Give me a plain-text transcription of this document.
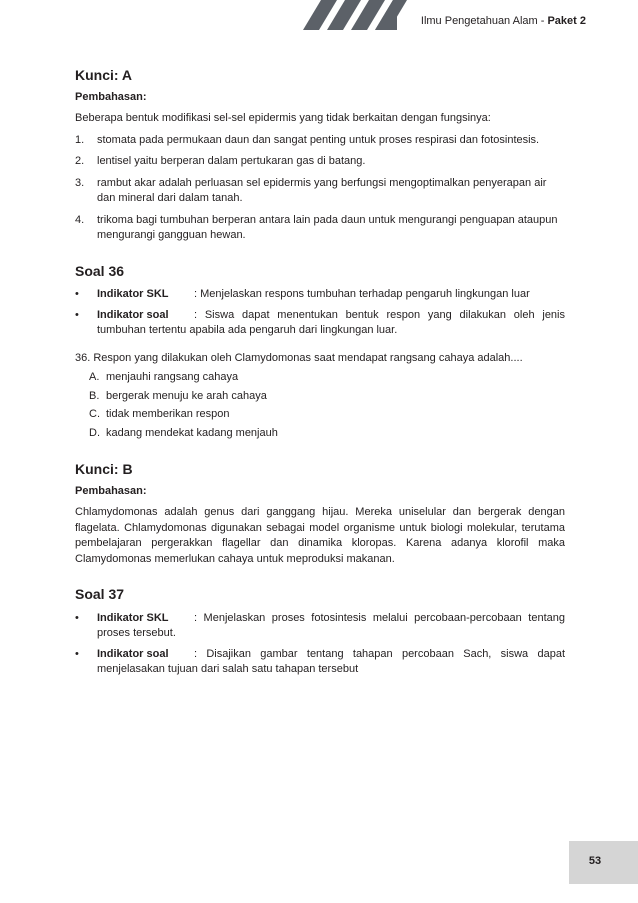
Ilmu Pengetahuan Alam - Paket 2
Kunci: A
Pembahasan:
Beberapa bentuk modifikasi sel-sel epidermis yang tidak berkaitan dengan fungsinya:
1. stomata pada permukaan daun dan sangat penting untuk proses respirasi dan fotosintesis.
2. lentisel yaitu berperan dalam pertukaran gas di batang.
3. rambut akar adalah perluasan sel epidermis yang berfungsi mengoptimalkan penyerapan air dan mineral dari dalam tanah.
4. trikoma bagi tumbuhan berperan antara lain pada daun untuk mengurangi penguapan ataupun mengurangi gangguan hewan.
Soal 36
• Indikator SKL : Menjelaskan respons tumbuhan terhadap pengaruh lingkungan luar
• Indikator soal : Siswa dapat menentukan bentuk respon yang dilakukan oleh jenis tumbuhan tertentu apabila ada pengaruh dari lingkungan luar.
36. Respon yang dilakukan oleh Clamydomonas saat mendapat rangsang cahaya adalah....
A. menjauhi rangsang cahaya
B. bergerak menuju ke arah cahaya
C. tidak memberikan respon
D. kadang mendekat kadang menjauh
Kunci: B
Pembahasan:
Chlamydomonas adalah genus dari ganggang hijau. Mereka uniselular dan bergerak dengan flagelata. Chlamydomonas digunakan sebagai model organisme untuk biologi molekular, terutama pembelajaran pergerakkan flagellar dan dinamika kloropas. Karena adanya klorofil maka Clamydomonas memerlukan cahaya untuk meproduksi makanan.
Soal 37
• Indikator SKL : Menjelaskan proses fotosintesis melalui percobaan-percobaan tentang proses tersebut.
• Indikator soal : Disajikan gambar tentang tahapan percobaan Sach, siswa dapat menjelasakan tujuan dari salah satu tahapan tersebut
53
